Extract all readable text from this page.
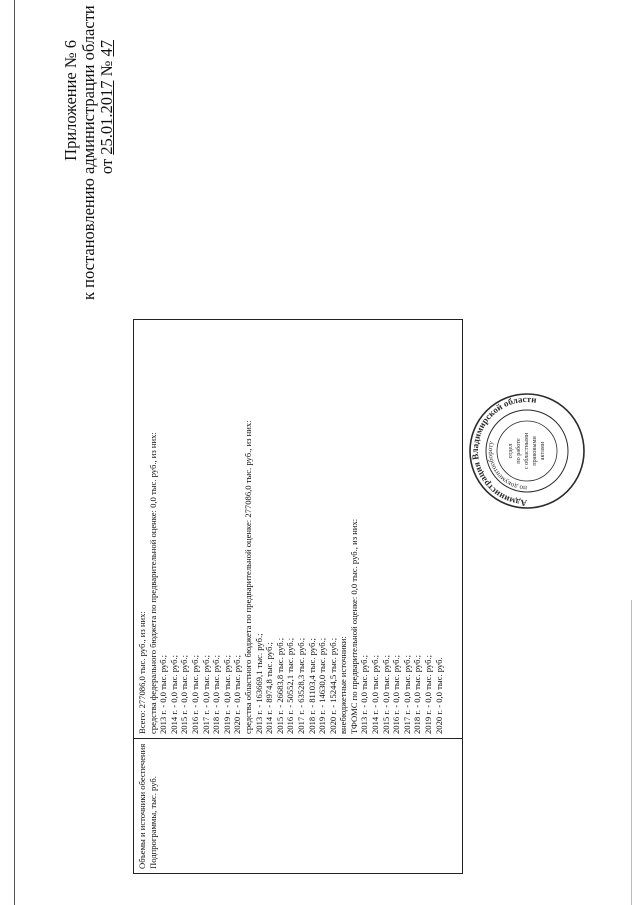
Приложение № 6 к постановлению администрации области от 25.01.2017 № 47
Объемы и источники обеспечения Подпрограммы, тыс. руб.
Всего: 277086,0 тыс. руб., из них: средства федерального бюджета по предварительной оценке: 0,0 тыс. руб., из них: 2013 г. - 0,0 тыс. руб.; 2014 г. - 0,0 тыс. руб.; 2015 г. - 0,0 тыс. руб.; 2016 г. - 0,0 тыс. руб.; 2017 г. - 0,0 тыс. руб.; 2018 г. - 0,0 тыс. руб.; 2019 г. - 0,0 тыс. руб.; 2020 г. - 0,0 тыс. руб.; средства областного бюджета по предварительной оценке: 277086,0 тыс. руб., из них: 2013 г. - 163669,1 тыс. руб.; 2014 г. - 8974,8 тыс. руб.; 2015 г. - 26683,8 тыс. руб.; 2016 г. - 50552,1 тыс. руб.; 2017 г. - 63528,3 тыс. руб.; 2018 г. - 81103,4 тыс. руб.; 2019 г. - 14630,0 тыс. руб.; 2020 г. - 15244,5 тыс. руб.; внебюджетные источники: ТФОМС по предварительной оценке: 0,0 тыс. руб., из них: 2013 г. - 0,0 тыс. руб.; 2014 г. - 0,0 тыс. руб.; 2015 г. - 0,0 тыс. руб.; 2016 г. - 0,0 тыс. руб.; 2017 г. - 0,0 тыс. руб.; 2018 г. - 0,0 тыс. руб.; 2019 г. - 0,0 тыс. руб.; 2020 г. - 0,0 тыс. руб.
Администрация Владимирской области
по документообороту
отдел по работе с областными правовыми актами
